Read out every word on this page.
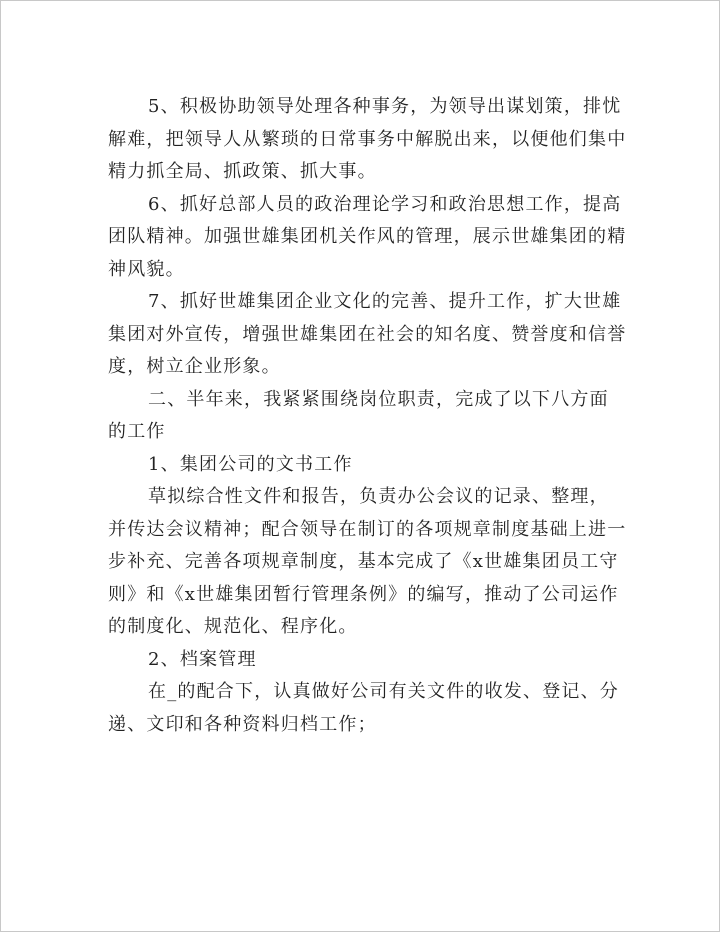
5、积极协助领导处理各种事务，为领导出谋划策，排忧
解难，把领导人从繁琐的日常事务中解脱出来，以便他们集中
精力抓全局、抓政策、抓大事。
6、抓好总部人员的政治理论学习和政治思想工作，提高
团队精神。加强世雄集团机关作风的管理，展示世雄集团的精
神风貌。
7、抓好世雄集团企业文化的完善、提升工作，扩大世雄
集团对外宣传，增强世雄集团在社会的知名度、赞誉度和信誉
度，树立企业形象。
二、半年来，我紧紧围绕岗位职责，完成了以下八方面
的工作
1、集团公司的文书工作
草拟综合性文件和报告，负责办公会议的记录、整理，
并传达会议精神；配合领导在制订的各项规章制度基础上进一
步补充、完善各项规章制度，基本完成了《x世雄集团员工守
则》和《x世雄集团暂行管理条例》的编写，推动了公司运作
的制度化、规范化、程序化。
2、档案管理
在_的配合下，认真做好公司有关文件的收发、登记、分
递、文印和各种资料归档工作；
